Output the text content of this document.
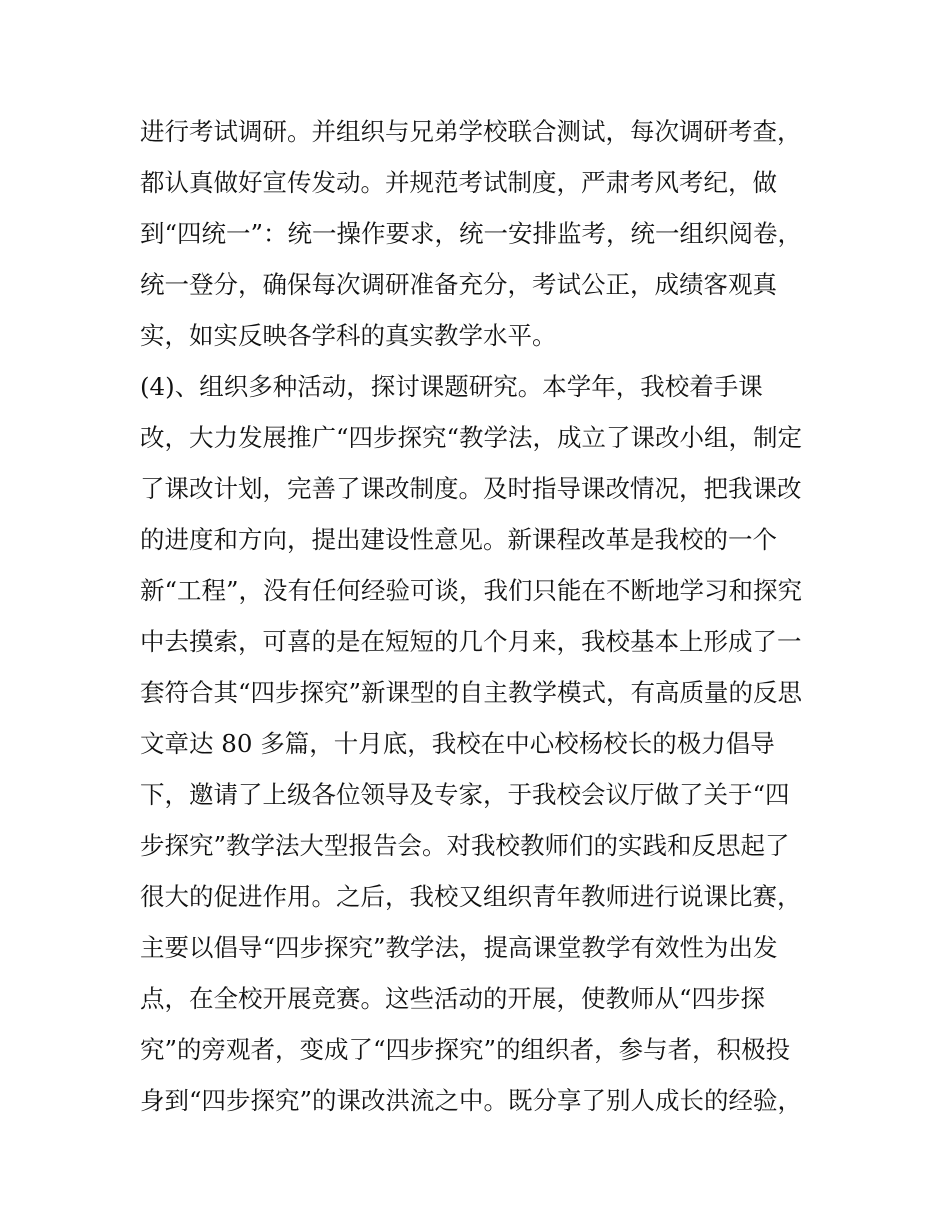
进行考试调研。并组织与兄弟学校联合测试，每次调研考查，
都认真做好宣传发动。并规范考试制度，严肃考风考纪，做
到“四统一”：统一操作要求，统一安排监考，统一组织阅卷，
统一登分，确保每次调研准备充分，考试公正，成绩客观真
实，如实反映各学科的真实教学水平。
(4)、组织多种活动，探讨课题研究。本学年，我校着手课
改，大力发展推广“四步探究“教学法，成立了课改小组，制定
了课改计划，完善了课改制度。及时指导课改情况，把我课改
的进度和方向，提出建设性意见。新课程改革是我校的一个
新“工程”，没有任何经验可谈，我们只能在不断地学习和探究
中去摸索，可喜的是在短短的几个月来，我校基本上形成了一
套符合其“四步探究”新课型的自主教学模式，有高质量的反思
文章达 80 多篇，十月底，我校在中心校杨校长的极力倡导
下，邀请了上级各位领导及专家，于我校会议厅做了关于“四
步探究”教学法大型报告会。对我校教师们的实践和反思起了
很大的促进作用。之后，我校又组织青年教师进行说课比赛，
主要以倡导“四步探究”教学法，提高课堂教学有效性为出发
点，在全校开展竞赛。这些活动的开展，使教师从“四步探
究”的旁观者，变成了“四步探究”的组织者，参与者，积极投
身到“四步探究”的课改洪流之中。既分享了别人成长的经验，
